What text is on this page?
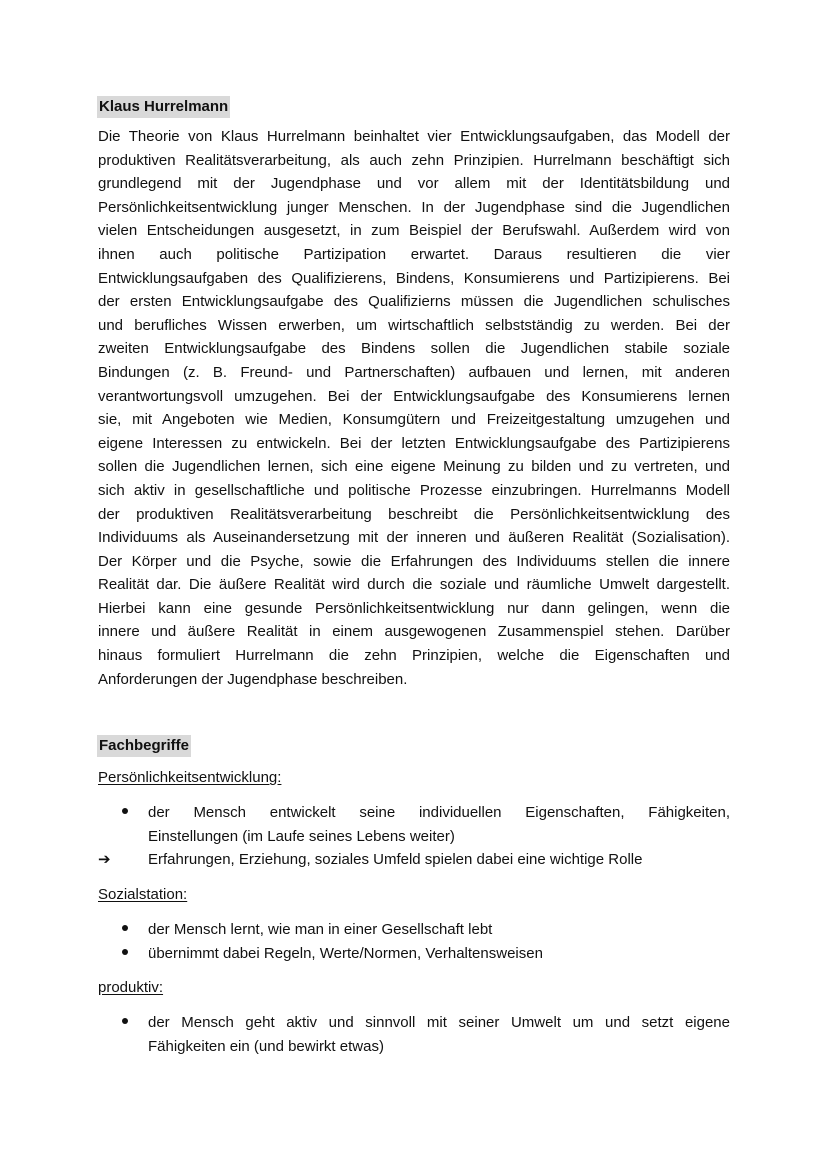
Klaus Hurrelmann
Die Theorie von Klaus Hurrelmann beinhaltet vier Entwicklungsaufgaben, das Modell der
produktiven Realitätsverarbeitung, als auch zehn Prinzipien. Hurrelmann beschäftigt sich
grundlegend mit der Jugendphase und vor allem mit der Identitätsbildung und
Persönlichkeitsentwicklung junger Menschen. In der Jugendphase sind die Jugendlichen
vielen Entscheidungen ausgesetzt, in zum Beispiel der Berufswahl. Außerdem wird von
ihnen auch politische Partizipation erwartet. Daraus resultieren die vier
Entwicklungsaufgaben des Qualifizierens, Bindens, Konsumierens und Partizipierens. Bei
der ersten Entwicklungsaufgabe des Qualifizierns müssen die Jugendlichen schulisches
und berufliches Wissen erwerben, um wirtschaftlich selbstständig zu werden. Bei der
zweiten Entwicklungsaufgabe des Bindens sollen die Jugendlichen stabile soziale
Bindungen (z. B. Freund- und Partnerschaften) aufbauen und lernen, mit anderen
verantwortungsvoll umzugehen. Bei der Entwicklungsaufgabe des Konsumierens lernen
sie, mit Angeboten wie Medien, Konsumgütern und Freizeitgestaltung umzugehen und
eigene Interessen zu entwickeln. Bei der letzten Entwicklungsaufgabe des Partizipierens
sollen die Jugendlichen lernen, sich eine eigene Meinung zu bilden und zu vertreten, und
sich aktiv in gesellschaftliche und politische Prozesse einzubringen. Hurrelmanns Modell
der produktiven Realitätsverarbeitung beschreibt die Persönlichkeitsentwicklung des
Individuums als Auseinandersetzung mit der inneren und äußeren Realität (Sozialisation).
Der Körper und die Psyche, sowie die Erfahrungen des Individuums stellen die innere
Realität dar. Die äußere Realität wird durch die soziale und räumliche Umwelt dargestellt.
Hierbei kann eine gesunde Persönlichkeitsentwicklung nur dann gelingen, wenn die
innere und äußere Realität in einem ausgewogenen Zusammenspiel stehen. Darüber
hinaus formuliert Hurrelmann die zehn Prinzipien, welche die Eigenschaften und
Anforderungen der Jugendphase beschreiben.
Fachbegriffe
Persönlichkeitsentwicklung:
der Mensch entwickelt seine individuellen Eigenschaften, Fähigkeiten,
Einstellungen (im Laufe seines Lebens weiter)
➔	Erfahrungen, Erziehung, soziales Umfeld spielen dabei eine wichtige Rolle
Sozialstation:
der Mensch lernt, wie man in einer Gesellschaft lebt
übernimmt dabei Regeln, Werte/Normen, Verhaltensweisen
produktiv:
der Mensch geht aktiv und sinnvoll mit seiner Umwelt um und setzt eigene
Fähigkeiten ein (und bewirkt etwas)
